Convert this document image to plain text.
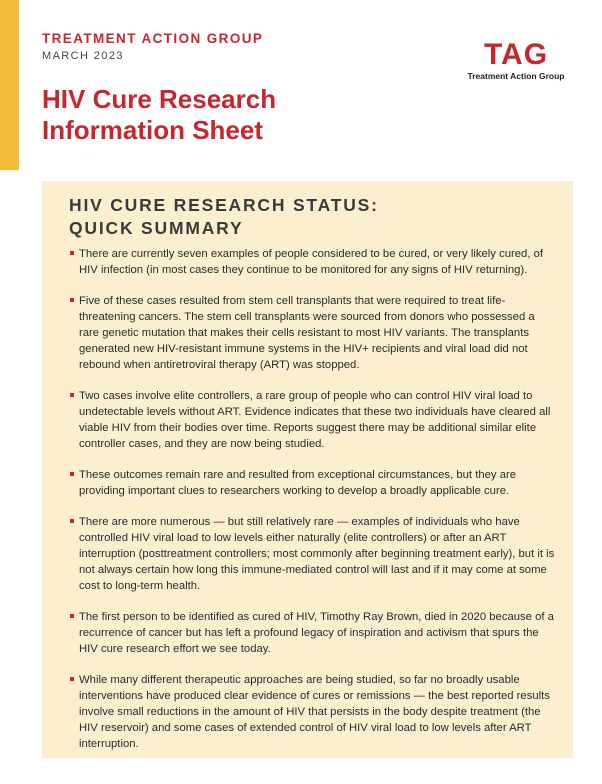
TREATMENT ACTION GROUP
MARCH 2023
HIV Cure Research Information Sheet
TAG
Treatment Action Group
HIV CURE RESEARCH STATUS: QUICK SUMMARY
There are currently seven examples of people considered to be cured, or very likely cured, of HIV infection (in most cases they continue to be monitored for any signs of HIV returning).
Five of these cases resulted from stem cell transplants that were required to treat life-threatening cancers. The stem cell transplants were sourced from donors who possessed a rare genetic mutation that makes their cells resistant to most HIV variants. The transplants generated new HIV-resistant immune systems in the HIV+ recipients and viral load did not rebound when antiretroviral therapy (ART) was stopped.
Two cases involve elite controllers, a rare group of people who can control HIV viral load to undetectable levels without ART. Evidence indicates that these two individuals have cleared all viable HIV from their bodies over time. Reports suggest there may be additional similar elite controller cases, and they are now being studied.
These outcomes remain rare and resulted from exceptional circumstances, but they are providing important clues to researchers working to develop a broadly applicable cure.
There are more numerous — but still relatively rare — examples of individuals who have controlled HIV viral load to low levels either naturally (elite controllers) or after an ART interruption (posttreatment controllers; most commonly after beginning treatment early), but it is not always certain how long this immune-mediated control will last and if it may come at some cost to long-term health.
The first person to be identified as cured of HIV, Timothy Ray Brown, died in 2020 because of a recurrence of cancer but has left a profound legacy of inspiration and activism that spurs the HIV cure research effort we see today.
While many different therapeutic approaches are being studied, so far no broadly usable interventions have produced clear evidence of cures or remissions — the best reported results involve small reductions in the amount of HIV that persists in the body despite treatment (the HIV reservoir) and some cases of extended control of HIV viral load to low levels after ART interruption.
